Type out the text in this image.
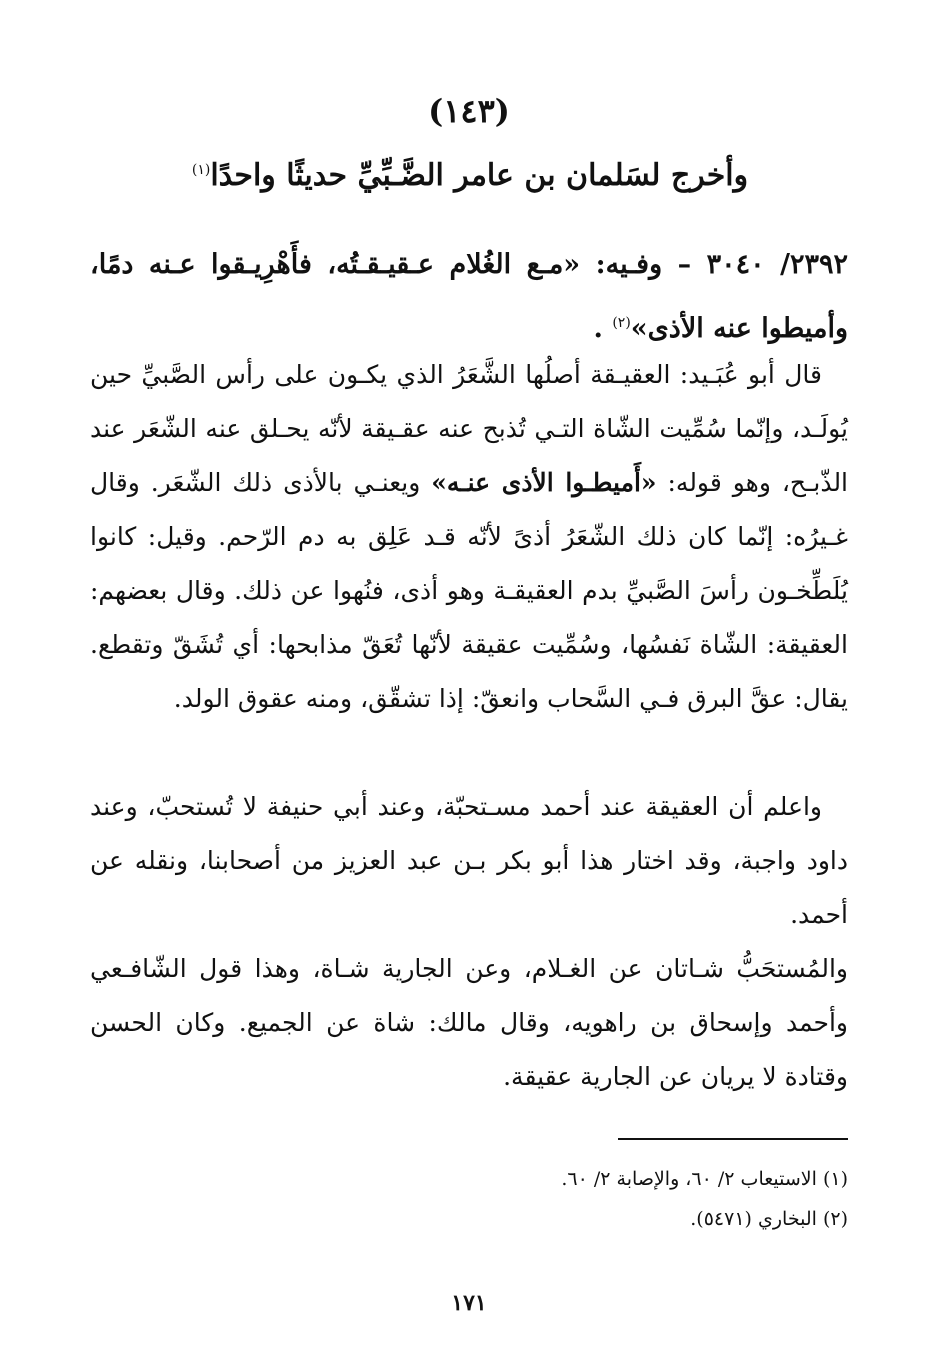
(١٤٣)
وأخرج لسَلمان بن عامر الضَّـبِّيِّ حديثًا واحدًا$^{(١)}$
٢٣٩٢/ ٣٠٤٠ – وفـيه: «مـع الغُلام عـقيـقـتُه، فأَهْرِيـقوا عـنه دمًا، وأميطوا عنه الأذى»$^{(٢)}$ .
قال أبو عُبَـيد: العقيـقة أصلُها الشَّعَرُ الذي يكـون على رأس الصَّبيِّ حين يُولَـد، وإنّما سُمِّيت الشّاة التـي تُذبح عنه عقـيقة لأنّه يحـلق عنه الشّعَر عند الذّبـح، وهو قوله: «أَميطـوا الأذى عنـه» ويعنـي بالأذى ذلك الشّعَر. وقال غـيرُه: إنّما كان ذلك الشّعَرُ أذىً لأنّه قـد عَلِق به دم الرّحم. وقيل: كانوا يُلَطِّخـون رأسَ الصَّبيِّ بدم العقيقـة وهو أذى، فنُهوا عن ذلك. وقال بعضهم: العقيقة: الشّاة نَفسُها، وسُمِّيت عقيقة لأنّها تُعَقّ مذابحها: أي تُشَقّ وتقطع. يقال: عقَّ البرق فـي السَّحاب وانعقّ: إذا تشقّق، ومنه عقوق الولد.
واعلم أن العقيقة عند أحمد مسـتحبّة، وعند أبي حنيفة لا تُستحبّ، وعند داود واجبة، وقد اختار هذا أبو بكر بـن عبد العزيز من أصحابنا، ونقله عن أحمد.
والمُستحَبُّ شـاتان عن الغـلام، وعن الجارية شـاة، وهذا قول الشّافـعي وأحمد وإسحاق بن راهويه، وقال مالك: شاة عن الجميع. وكان الحسن وقتادة لا يريان عن الجارية عقيقة.
(١) الاستيعاب ٢/ ٦٠، والإصابة ٢/ ٦٠.
(٢) البخاري (٥٤٧١).
١٧١
